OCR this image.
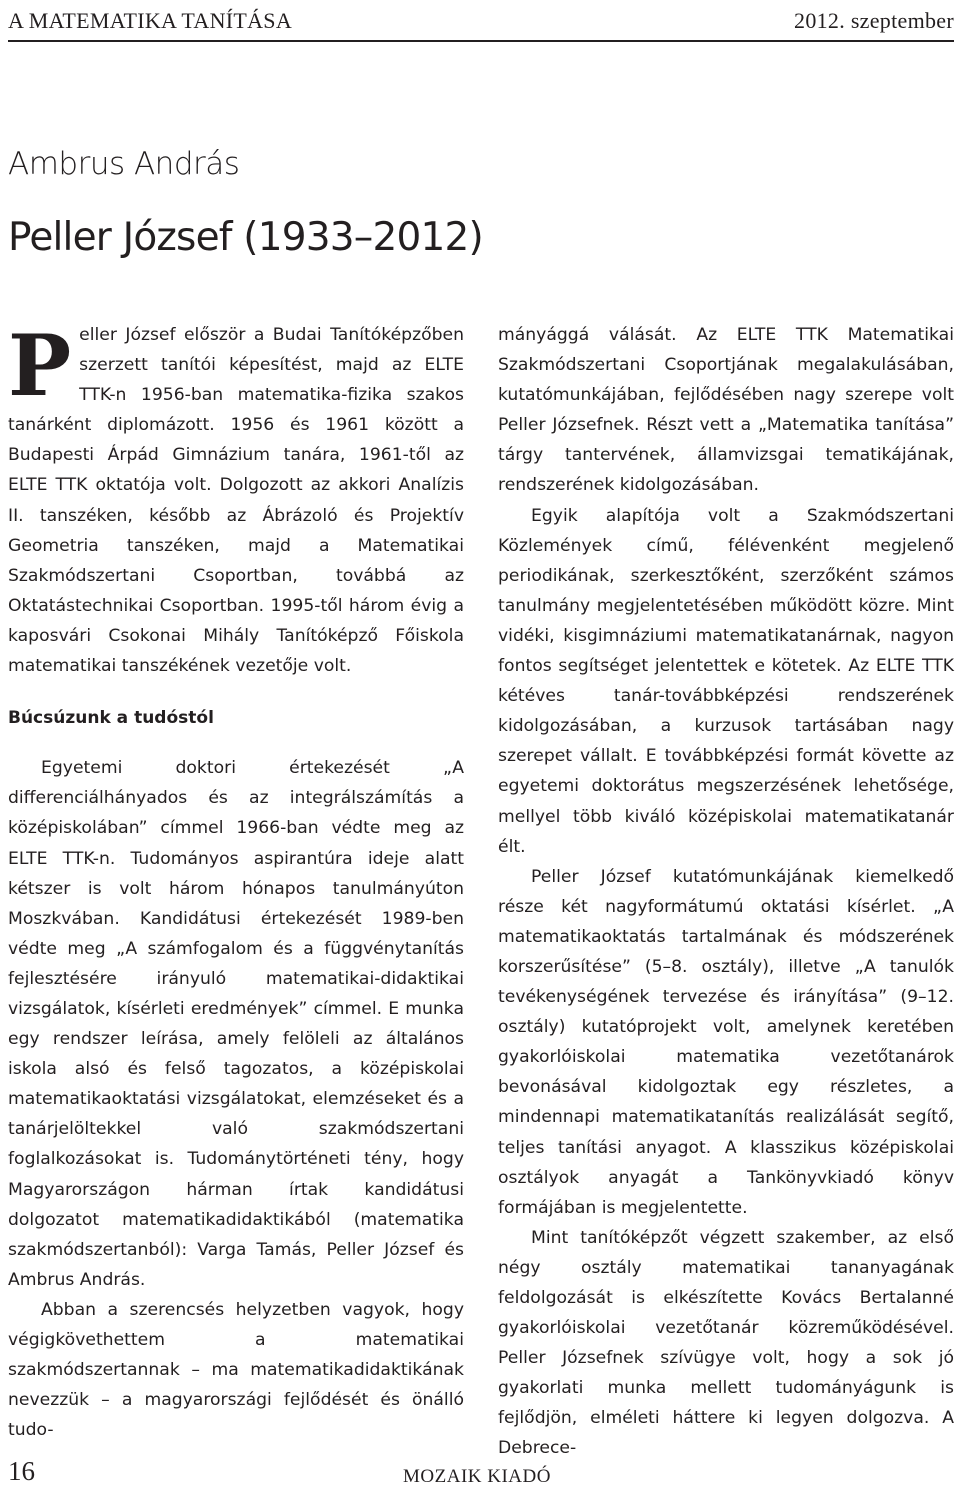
A MATEMATIKA TANÍTÁSA	2012. szeptember
Ambrus András
Peller József (1933–2012)

Peller József először a Budai Tanítóképzőben szerzett tanítói képesítést, majd az ELTE TTK-n 1956-ban matematika-fizika szakos tanárként diplomázott. 1956 és 1961 között a Budapesti Árpád Gimnázium tanára, 1961-től az ELTE TTK oktatója volt. Dolgozott az akkori Analízis II. tanszéken, később az Ábrázoló és Projektív Geometria tanszéken, majd a Matematikai Szakmódszertani Csoportban, továbbá az Oktatástechnikai Csoportban. 1995-től három évig a kaposvári Csokonai Mihály Tanítóképző Főiskola matematikai tanszékének vezetője volt.

Búcsúzunk a tudóstól

Egyetemi doktori értekezését „A differenciálhányados és az integrálszámítás a középiskolában” címmel 1966-ban védte meg az ELTE TTK-n. Tudományos aspirantúra ideje alatt kétszer is volt három hónapos tanulmányúton Moszkvában. Kandidátusi értekezését 1989-ben védte meg „A számfogalom és a függvénytanítás fejlesztésére irányuló matematikai-didaktikai vizsgálatok, kísérleti eredmények” címmel. E munka egy rendszer leírása, amely felöleli az általános iskola alsó és felső tagozatos, a középiskolai matematikaoktatási vizsgálatokat, elemzéseket és a tanárjelöltekkel való szakmódszertani foglalkozásokat is. Tudománytörténeti tény, hogy Magyarországon hárman írtak kandidátusi dolgozatot matematikadidaktikából (matematika szakmódszertanból): Varga Tamás, Peller József és Ambrus András.

Abban a szerencsés helyzetben vagyok, hogy végigkövethettem a matematikai szakmódszertannak – ma matematikadidaktikának nevezzük – a magyarországi fejlődését és önálló tudo-

mányággá válását. Az ELTE TTK Matematikai Szakmódszertani Csoportjának megalakulásában, kutatómunkájában, fejlődésében nagy szerepe volt Peller Józsefnek. Részt vett a „Matematika tanítása” tárgy tantervének, államvizsgai tematikájának, rendszerének kidolgozásában.

Egyik alapítója volt a Szakmódszertani Közlemények című, félévenként megjelenő periodikának, szerkesztőként, szerzőként számos tanulmány megjelentetésében működött közre. Mint vidéki, kisgimnáziumi matematikatanárnak, nagyon fontos segítséget jelentettek e kötetek. Az ELTE TTK kétéves tanár-továbbképzési rendszerének kidolgozásában, a kurzusok tartásában nagy szerepet vállalt. E továbbképzési formát követte az egyetemi doktorátus megszerzésének lehetősége, mellyel több kiváló középiskolai matematikatanár élt.

Peller József kutatómunkájának kiemelkedő része két nagyformátumú oktatási kísérlet. „A matematikaoktatás tartalmának és módszerének korszerűsítése” (5–8. osztály), illetve „A tanulók tevékenységének tervezése és irányítása” (9–12. osztály) kutatóprojekt volt, amelynek keretében gyakorlóiskolai matematika vezetőtanárok bevonásával kidolgoztak egy részletes, a mindennapi matematikatanítás realizálását segítő, teljes tanítási anyagot. A klasszikus középiskolai osztályok anyagát a Tankönyvkiadó könyv formájában is megjelentette.

Mint tanítóképzőt végzett szakember, az első négy osztály matematikai tananyagának feldolgozását is elkészítette Kovács Bertalanné gyakorlóiskolai vezetőtanár közreműködésével. Peller Józsefnek szívügye volt, hogy a sok jó gyakorlati munka mellett tudományágunk is fejlődjön, elméleti háttere ki legyen dolgozva. A Debrece-

16	MOZAIK KIADÓ
